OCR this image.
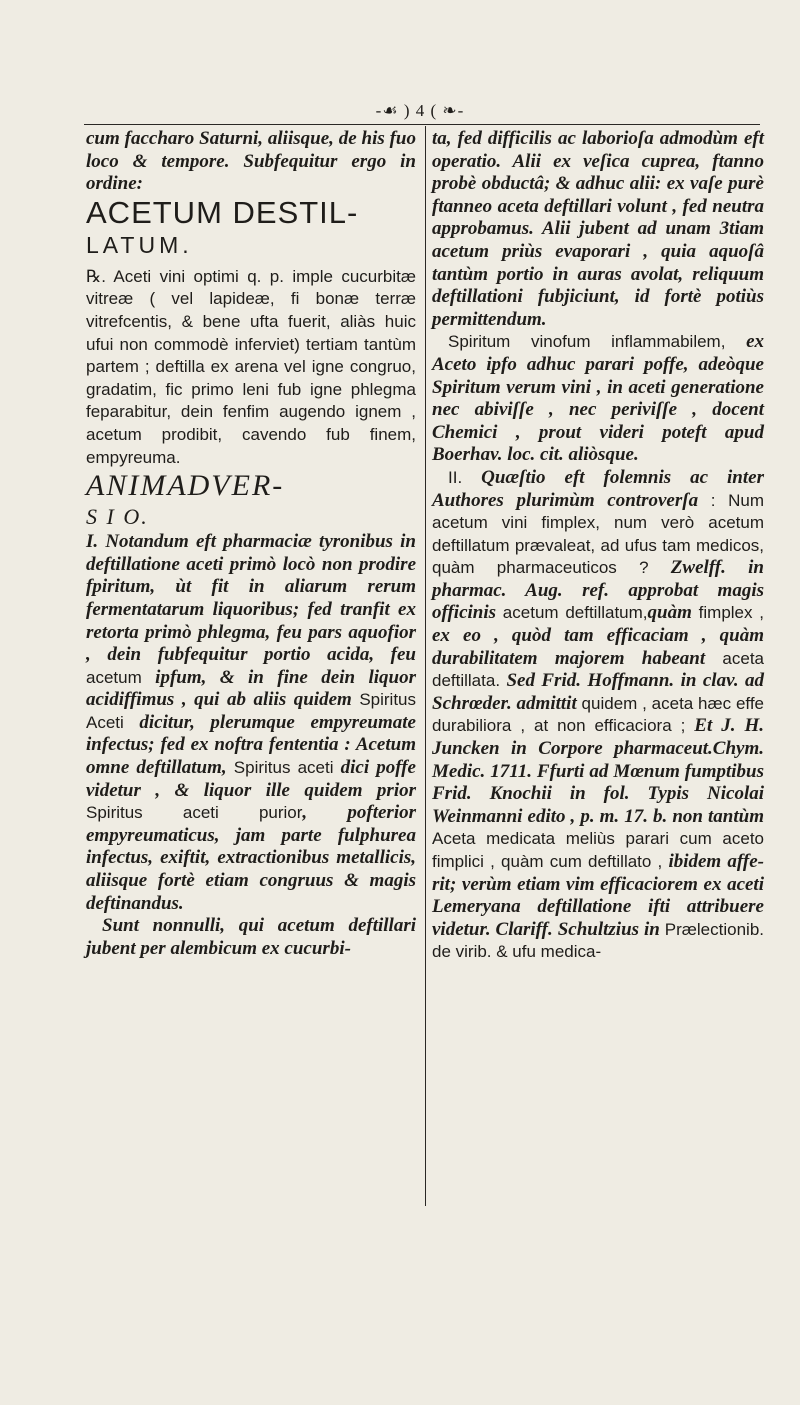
-☙ ) 4 ( ❧-

cum faccharo Saturni, aliisque, de his fuo loco & tempore. Subfequitur ergo in ordine:

ACETUM DESTIL-

LATUM.

℞. Aceti vini optimi q. p. imple cucurbitæ vitreæ ( vel lapideæ, fi bonæ terræ vitrefcentis, & bene ufta fuerit, aliàs huic ufui non commodè inferviet) tertiam tantùm partem ; deftilla ex arena vel igne congruo, gradatim, fic primo leni fub igne phlegma feparabitur, dein fenfim augendo ignem , acetum prodibit, cavendo fub finem, empyreuma.

ANIMADVER-

S I O.

I. Notandum eft pharmaciæ tyronibus in deftillatione aceti primò locò non prodire fpiritum, ùt fit in aliarum rerum fermentatarum liquoribus; fed tranfit ex retorta primò phlegma, feu pars aquofior , dein fubfequitur portio acida, feu acetum ipfum, & in fine dein liquor acidiffimus , qui ab aliis quidem Spiritus Aceti dicitur, plerumque empyreumate infectus; fed ex noftra fententia : Acetum omne deftillatum, Spiritus aceti dici poffe videtur , & liquor ille quidem prior Spiritus aceti purior, pofterior empyreumaticus, jam parte fulphurea infectus, exiftit, extractionibus metallicis, aliisque fortè etiam congruus & magis deftinandus.

Sunt nonnulli, qui acetum deftillari jubent per alembicum ex cucurbi-

ta, fed difficilis ac laborioſa admodùm eft operatio. Alii ex veſica cuprea, ftanno probè obductâ; & adhuc alii: ex vaſe purè ftanneo aceta deftillari volunt , fed neutra approbamus. Alii jubent ad unam 3tiam acetum priùs evaporari , quia aquoſâ tantùm portio in auras avolat, reliquum deftillationi fubjiciunt, id fortè potiùs permittendum.

Spiritum vinofum inflammabilem, ex Aceto ipfo adhuc parari poffe, adeòque Spiritum verum vini , in aceti generatione nec abiviſſe , nec periviſſe , docent Chemici , prout videri poteft apud Boerhav. loc. cit. aliòsque.

II. Quæſtio eft folemnis ac inter Authores plurimùm controverſa : Num acetum vini fimplex, num verò acetum deftillatum prævaleat, ad ufus tam medicos, quàm pharmaceuticos ? Zwelff. in pharmac. Aug. ref. approbat magis officinis acetum deftillatum,quàm fimplex , ex eo , quòd tam efficaciam , quàm durabilitatem majorem habeant aceta deftillata. Sed Frid. Hoffmann. in clav. ad Schrœder. admittit quidem , aceta hæc effe durabiliora , at non efficaciora ; Et J. H. Juncken in Corpore pharmaceut.Chym. Medic. 1711. Ffurti ad Mœnum fumptibus Frid. Knochii in fol. Typis Nicolai Weinmanni edito , p. m. 17. b. non tantùm Aceta medicata meliùs parari cum aceto fimplici , quàm cum deftillato , ibidem affe-rit; verùm etiam vim efficaciorem ex aceti Lemeryana deftillatione ifti attribuere videtur. Clariff. Schultzius in Prælectionib. de virib. & ufu medica-
